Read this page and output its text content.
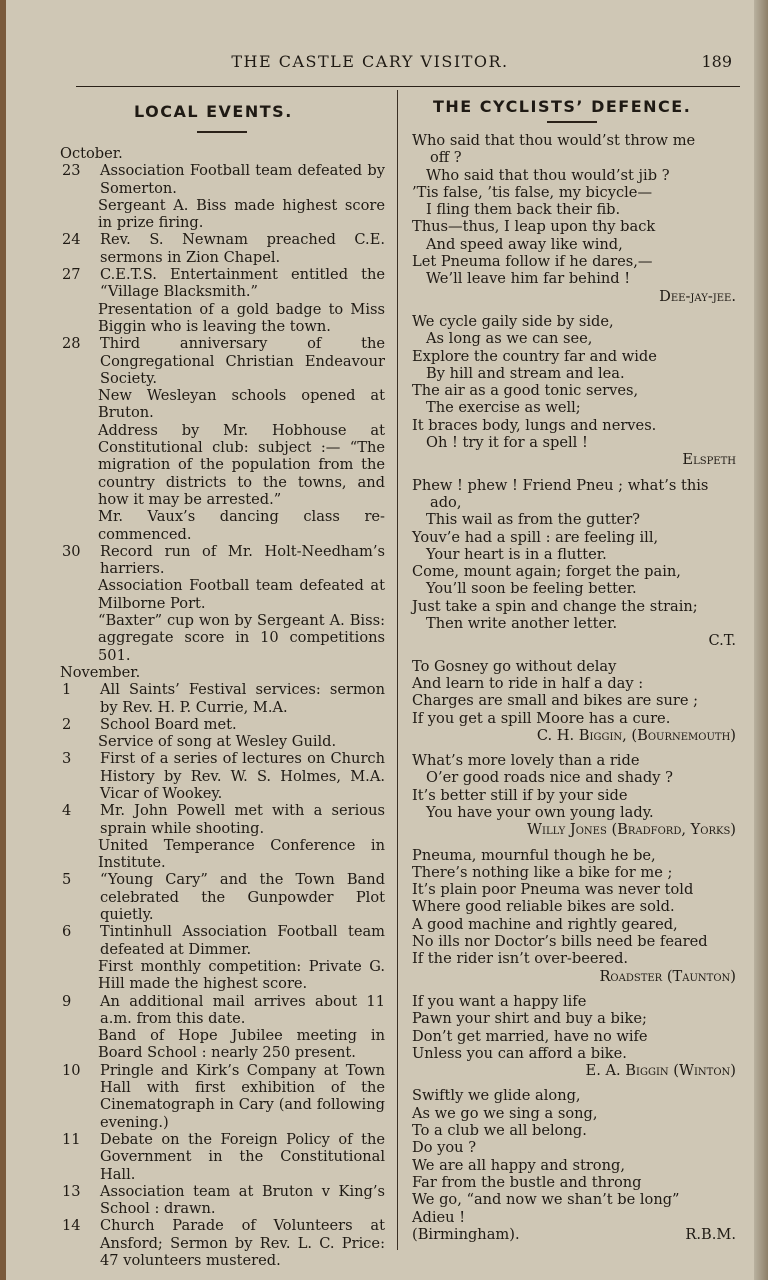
THE CASTLE CARY VISITOR.	189
LOCAL EVENTS.	THE CYCLISTS’ DEFENCE.
October.
23	Association Football team defeated by Somerton.
Sergeant A. Biss made highest score in prize firing.
24	Rev. S. Newnam preached C.E. sermons in Zion Chapel.
27	C.E.T.S. Entertainment entitled the “Village Blacksmith.”
Presentation of a gold badge to Miss Biggin who is leaving the town.
28	Third anniversary of the Congregational Christian Endeavour Society.
New Wesleyan schools opened at Bruton.
Address by Mr. Hobhouse at Constitutional club: subject :— “The migration of the population from the country districts to the towns, and how it may be arrested.”
Mr. Vaux’s dancing class re-commenced.
30	Record run of Mr. Holt-Needham’s harriers.
Association Football team defeated at Milborne Port.
“Baxter” cup won by Sergeant A. Biss: aggregate score in 10 competitions 501.
November.
1	All Saints’ Festival services: sermon by Rev. H. P. Currie, M.A.
2	School Board met.
Service of song at Wesley Guild.
3	First of a series of lectures on Church History by Rev. W. S. Holmes, M.A. Vicar of Wookey.
4	Mr. John Powell met with a serious sprain while shooting.
United Temperance Conference in Institute.
5	“Young Cary” and the Town Band celebrated the Gunpowder Plot quietly.
6	Tintinhull Association Football team defeated at Dimmer.
First monthly competition: Private G. Hill made the highest score.
9	An additional mail arrives about 11 a.m. from this date.
Band of Hope Jubilee meeting in Board School : nearly 250 present.
10	Pringle and Kirk’s Company at Town Hall with first exhibition of the Cinematograph in Cary (and following evening.)
11	Debate on the Foreign Policy of the Government in the Constitutional Hall.
13	Association team at Bruton v King’s School : drawn.
14	Church Parade of Volunteers at Ansford; Sermon by Rev. L. C. Price: 47 volunteers mustered.
Who said that thou would’st throw me
off ?
Who said that thou would’st jib ?
’Tis false, ’tis false, my bicycle—
I fling them back their fib.
Thus—thus, I leap upon thy back
And speed away like wind,
Let Pneuma follow if he dares,—
We’ll leave him far behind !
Dee-jay-jee.
We cycle gaily side by side,
As long as we can see,
Explore the country far and wide
By hill and stream and lea.
The air as a good tonic serves,
The exercise as well;
It braces body, lungs and nerves.
Oh ! try it for a spell !
Elspeth
Phew ! phew ! Friend Pneu ; what’s this
ado,
This wail as from the gutter?
Youv’e had a spill : are feeling ill,
Your heart is in a flutter.
Come, mount again; forget the pain,
You’ll soon be feeling better.
Just take a spin and change the strain;
Then write another letter.
C.T.
To Gosney go without delay
And learn to ride in half a day :
Charges are small and bikes are sure ;
If you get a spill Moore has a cure.
C. H. Biggin, (Bournemouth)
What’s more lovely than a ride
O’er good roads nice and shady ?
It’s better still if by your side
You have your own young lady.
Willy Jones (Bradford, Yorks)
Pneuma, mournful though he be,
There’s nothing like a bike for me ;
It’s plain poor Pneuma was never told
Where good reliable bikes are sold.
A good machine and rightly geared,
No ills nor Doctor’s bills need be feared
If the rider isn’t over-beered.
Roadster (Taunton)
If you want a happy life
Pawn your shirt and buy a bike;
Don’t get married, have no wife
Unless you can afford a bike.
E. A. Biggin (Winton)
Swiftly we glide along,
As we go we sing a song,
To a club we all belong.
Do you ?
We are all happy and strong,
Far from the bustle and throng
We go, “and now we shan’t be long”
Adieu !
(Birmingham).	R.B.M.
